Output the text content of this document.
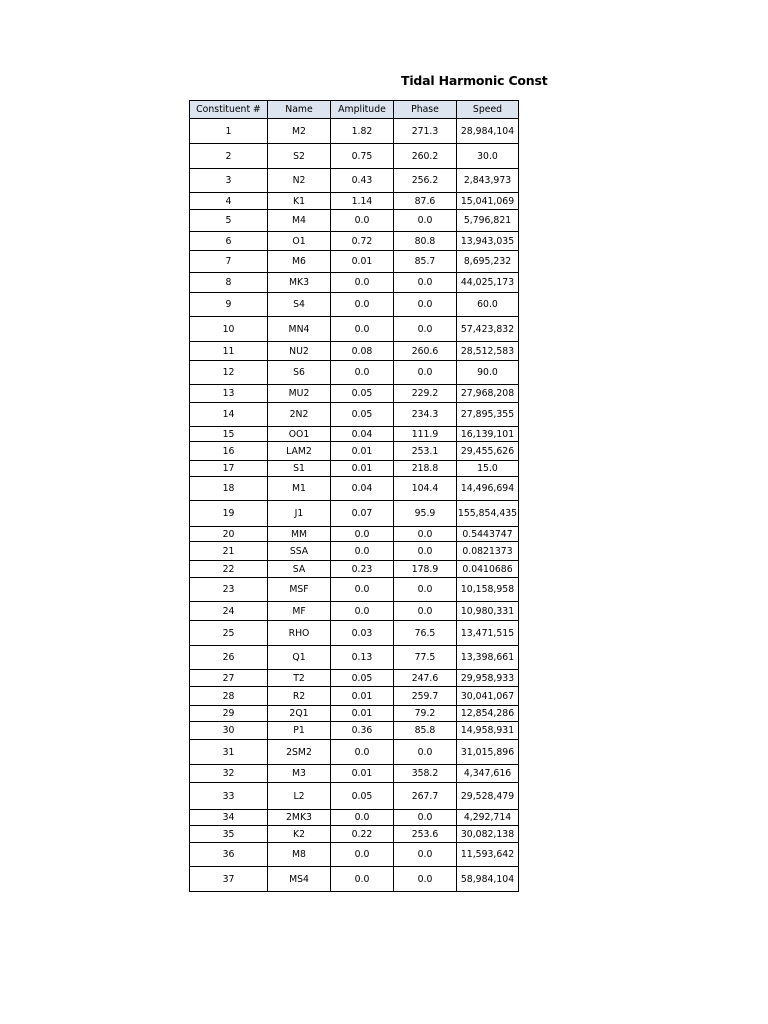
Tidal Harmonic Const
Constituent #	Name	Amplitude	Phase	Speed
1	M2	1.82	271.3	28,984,104
2	S2	0.75	260.2	30.0
3	N2	0.43	256.2	2,843,973
4	K1	1.14	87.6	15,041,069
5	M4	0.0	0.0	5,796,821
6	O1	0.72	80.8	13,943,035
7	M6	0.01	85.7	8,695,232
8	MK3	0.0	0.0	44,025,173
9	S4	0.0	0.0	60.0
10	MN4	0.0	0.0	57,423,832
11	NU2	0.08	260.6	28,512,583
12	S6	0.0	0.0	90.0
13	MU2	0.05	229.2	27,968,208
14	2N2	0.05	234.3	27,895,355
15	OO1	0.04	111.9	16,139,101
16	LAM2	0.01	253.1	29,455,626
17	S1	0.01	218.8	15.0
18	M1	0.04	104.4	14,496,694
19	J1	0.07	95.9	155,854,435
20	MM	0.0	0.0	0.5443747
21	SSA	0.0	0.0	0.0821373
22	SA	0.23	178.9	0.0410686
23	MSF	0.0	0.0	10,158,958
24	MF	0.0	0.0	10,980,331
25	RHO	0.03	76.5	13,471,515
26	Q1	0.13	77.5	13,398,661
27	T2	0.05	247.6	29,958,933
28	R2	0.01	259.7	30,041,067
29	2Q1	0.01	79.2	12,854,286
30	P1	0.36	85.8	14,958,931
31	2SM2	0.0	0.0	31,015,896
32	M3	0.01	358.2	4,347,616
33	L2	0.05	267.7	29,528,479
34	2MK3	0.0	0.0	4,292,714
35	K2	0.22	253.6	30,082,138
36	M8	0.0	0.0	11,593,642
37	MS4	0.0	0.0	58,984,104
